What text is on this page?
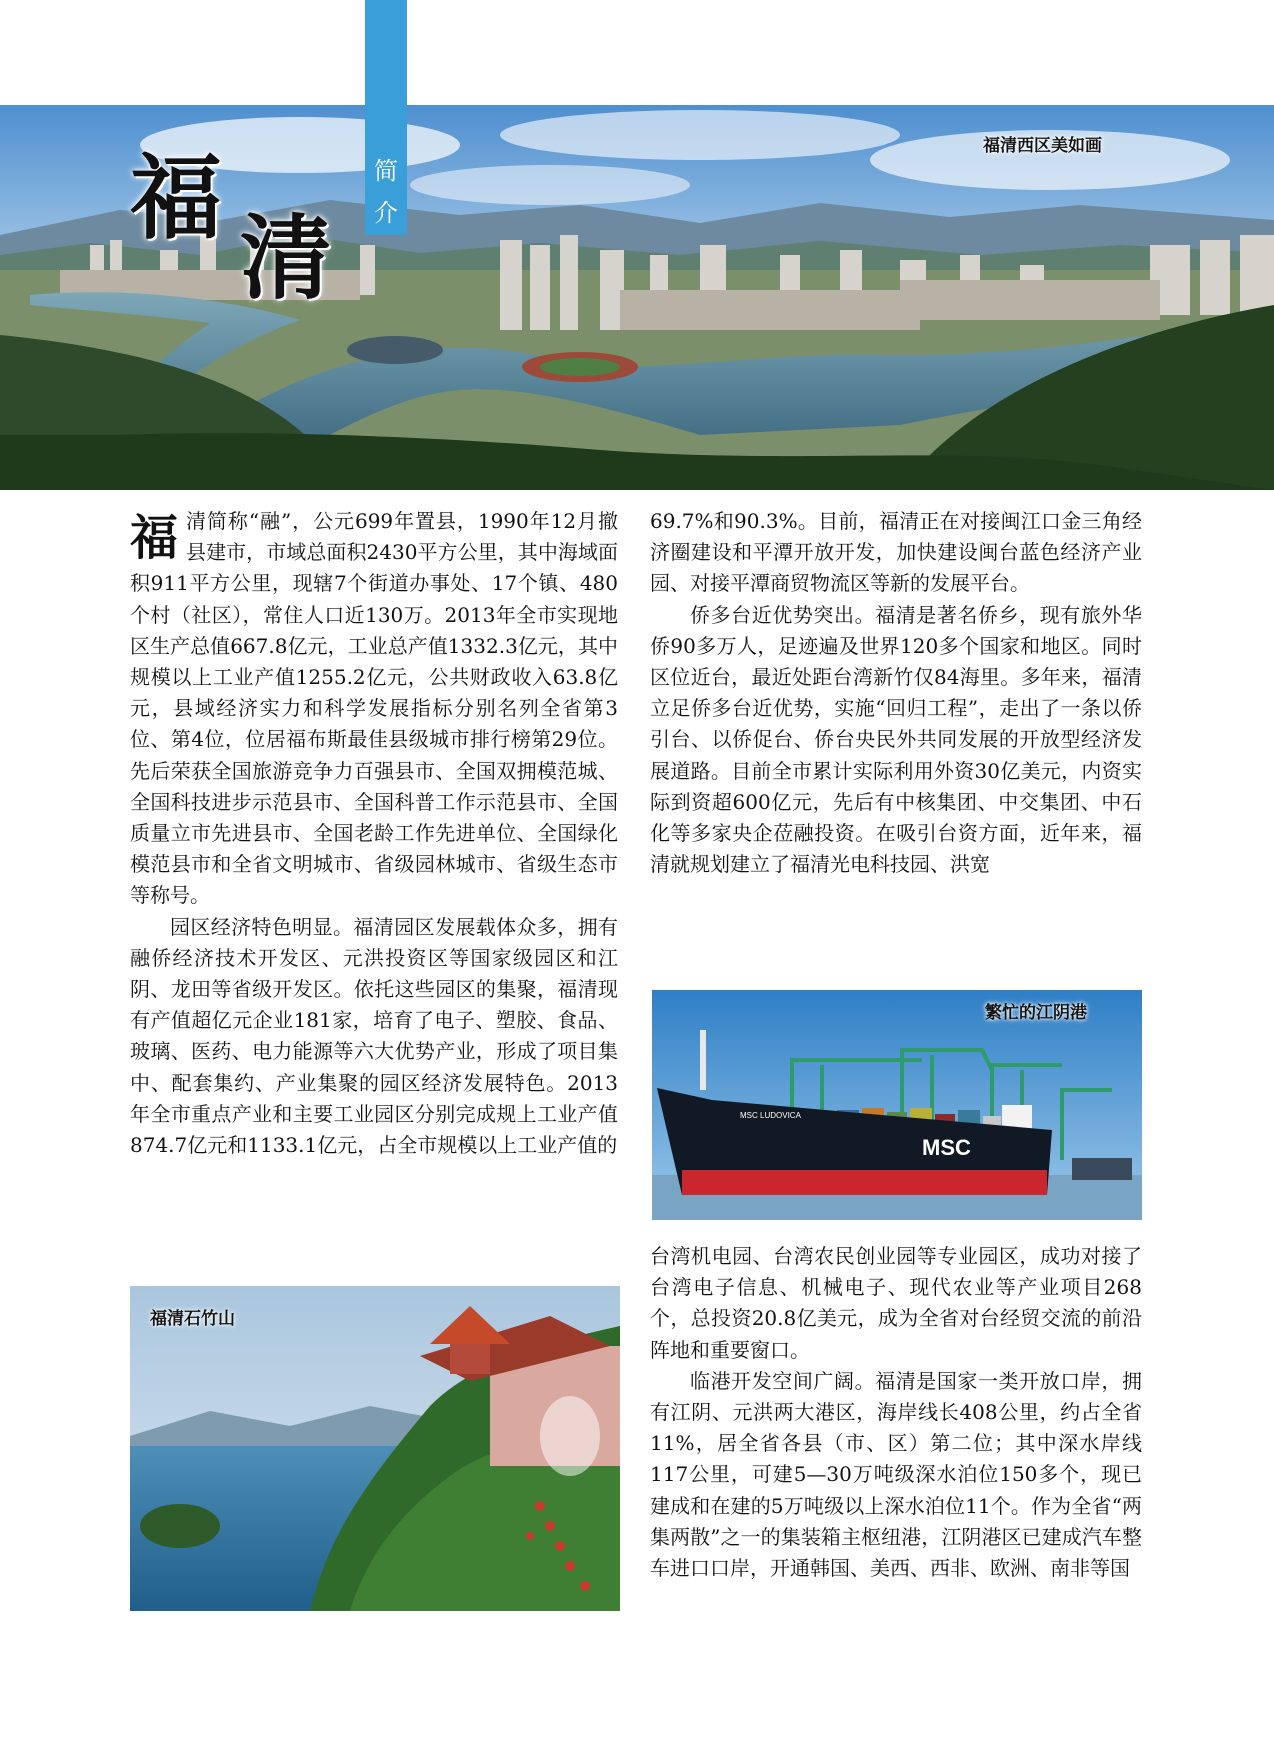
简介
福
清
福清西区美如画

福清简称“融”，公元699年置县，1990年12月撤县建市，市域总面积2430平方公里，其中海域面积911平方公里，现辖7个街道办事处、17个镇、480个村（社区），常住人口近130万。2013年全市实现地区生产总值667.8亿元，工业总产值1332.3亿元，其中规模以上工业产值1255.2亿元，公共财政收入63.8亿元，县域经济实力和科学发展指标分别名列全省第3位、第4位，位居福布斯最佳县级城市排行榜第29位。先后荣获全国旅游竞争力百强县市、全国双拥模范城、全国科技进步示范县市、全国科普工作示范县市、全国质量立市先进县市、全国老龄工作先进单位、全国绿化模范县市和全省文明城市、省级园林城市、省级生态市等称号。

园区经济特色明显。福清园区发展载体众多，拥有融侨经济技术开发区、元洪投资区等国家级园区和江阴、龙田等省级开发区。依托这些园区的集聚，福清现有产值超亿元企业181家，培育了电子、塑胶、食品、玻璃、医药、电力能源等六大优势产业，形成了项目集中、配套集约、产业集聚的园区经济发展特色。2013年全市重点产业和主要工业园区分别完成规上工业产值874.7亿元和1133.1亿元，占全市规模以上工业产值的

69.7%和90.3%。目前，福清正在对接闽江口金三角经济圈建设和平潭开放开发，加快建设闽台蓝色经济产业园、对接平潭商贸物流区等新的发展平台。

侨多台近优势突出。福清是著名侨乡，现有旅外华侨90多万人，足迹遍及世界120多个国家和地区。同时区位近台，最近处距台湾新竹仅84海里。多年来，福清立足侨多台近优势，实施“回归工程”，走出了一条以侨引台、以侨促台、侨台央民外共同发展的开放型经济发展道路。目前全市累计实际利用外资30亿美元，内资实际到资超600亿元，先后有中核集团、中交集团、中石化等多家央企莅融投资。在吸引台资方面，近年来，福清就规划建立了福清光电科技园、洪宽

MSC
MSC LUDOVICA
繁忙的江阴港

台湾机电园、台湾农民创业园等专业园区，成功对接了台湾电子信息、机械电子、现代农业等产业项目268个，总投资20.8亿美元，成为全省对台经贸交流的前沿阵地和重要窗口。

临港开发空间广阔。福清是国家一类开放口岸，拥有江阴、元洪两大港区，海岸线长408公里，约占全省11%，居全省各县（市、区）第二位；其中深水岸线117公里，可建5—30万吨级深水泊位150多个，现已建成和在建的5万吨级以上深水泊位11个。作为全省“两集两散”之一的集装箱主枢纽港，江阴港区已建成汽车整车进口口岸，开通韩国、美西、西非、欧洲、南非等国

福清石竹山
